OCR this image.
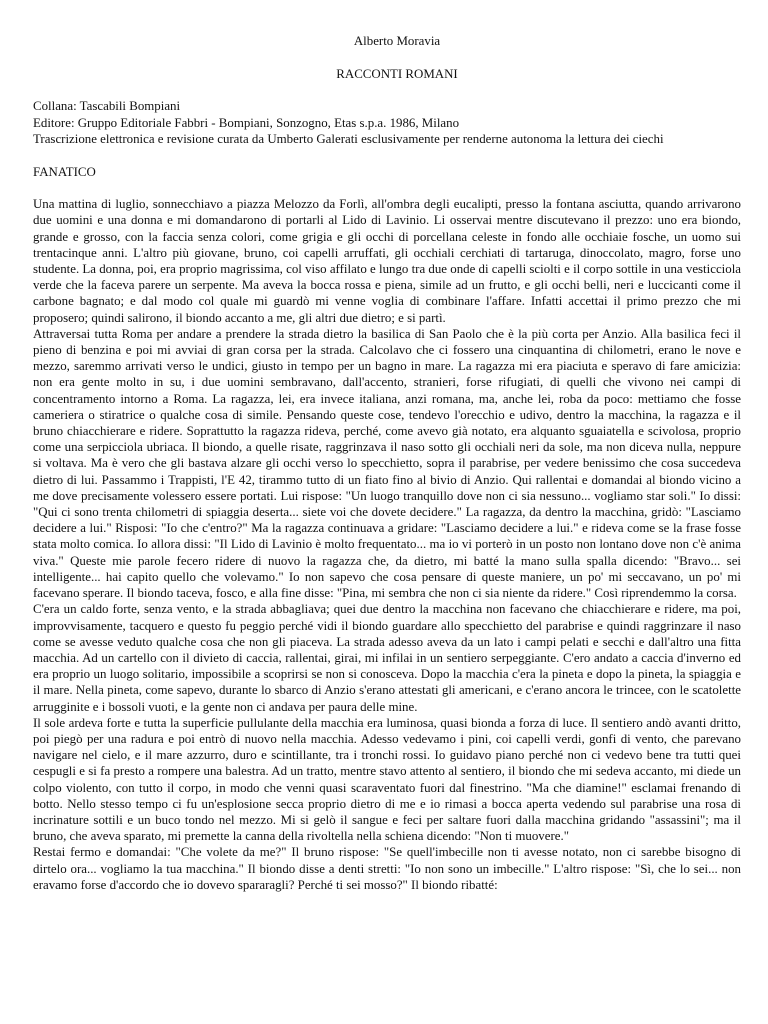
Alberto Moravia
RACCONTI ROMANI
Collana: Tascabili Bompiani
Editore: Gruppo Editoriale Fabbri - Bompiani, Sonzogno, Etas s.p.a. 1986, Milano
Trascrizione elettronica e revisione curata da Umberto Galerati esclusivamente per renderne autonoma la lettura dei ciechi
FANATICO

Una mattina di luglio, sonnecchiavo a piazza Melozzo da Forlì, all'ombra degli eucalipti, presso la fontana asciutta, quando arrivarono due uomini e una donna e mi domandarono di portarli al Lido di Lavinio. Li osservai mentre discutevano il prezzo: uno era biondo, grande e grosso, con la faccia senza colori, come grigia e gli occhi di porcellana celeste in fondo alle occhiaie fosche, un uomo sui trentacinque anni. L'altro più giovane, bruno, coi capelli arruffati, gli occhiali cerchiati di tartaruga, dinoccolato, magro, forse uno studente. La donna, poi, era proprio magrissima, col viso affilato e lungo tra due onde di capelli sciolti e il corpo sottile in una vesticciola verde che la faceva parere un serpente. Ma aveva la bocca rossa e piena, simile ad un frutto, e gli occhi belli, neri e luccicanti come il carbone bagnato; e dal modo col quale mi guardò mi venne voglia di combinare l'affare. Infatti accettai il primo prezzo che mi proposero; quindi salirono, il biondo accanto a me, gli altri due dietro; e si partì.

Attraversai tutta Roma per andare a prendere la strada dietro la basilica di San Paolo che è la più corta per Anzio. Alla basilica feci il pieno di benzina e poi mi avviai di gran corsa per la strada. Calcolavo che ci fossero una cinquantina di chilometri, erano le nove e mezzo, saremmo arrivati verso le undici, giusto in tempo per un bagno in mare. La ragazza mi era piaciuta e speravo di fare amicizia: non era gente molto in su, i due uomini sembravano, dall'accento, stranieri, forse rifugiati, di quelli che vivono nei campi di concentramento intorno a Roma. La ragazza, lei, era invece italiana, anzi romana, ma, anche lei, roba da poco: mettiamo che fosse cameriera o stiratrice o qualche cosa di simile. Pensando queste cose, tendevo l'orecchio e udivo, dentro la macchina, la ragazza e il bruno chiacchierare e ridere. Soprattutto la ragazza rideva, perché, come avevo già notato, era alquanto sguaiatella e scivolosa, proprio come una serpicciola ubriaca. Il biondo, a quelle risate, raggrinzava il naso sotto gli occhiali neri da sole, ma non diceva nulla, neppure si voltava. Ma è vero che gli bastava alzare gli occhi verso lo specchietto, sopra il parabrise, per vedere benissimo che cosa succedeva dietro di lui. Passammo i Trappisti, l'E 42, tirammo tutto di un fiato fino al bivio di Anzio. Qui rallentai e domandai al biondo vicino a me dove precisamente volessero essere portati. Lui rispose: "Un luogo tranquillo dove non ci sia nessuno... vogliamo star soli." Io dissi: "Qui ci sono trenta chilometri di spiaggia deserta... siete voi che dovete decidere." La ragazza, da dentro la macchina, gridò: "Lasciamo decidere a lui." Risposi: "Io che c'entro?" Ma la ragazza continuava a gridare: "Lasciamo decidere a lui." e rideva come se la frase fosse stata molto comica. Io allora dissi: "Il Lido di Lavinio è molto frequentato... ma io vi porterò in un posto non lontano dove non c'è anima viva." Queste mie parole fecero ridere di nuovo la ragazza che, da dietro, mi batté la mano sulla spalla dicendo: "Bravo... sei intelligente... hai capito quello che volevamo." Io non sapevo che cosa pensare di queste maniere, un po' mi seccavano, un po' mi facevano sperare. Il biondo taceva, fosco, e alla fine disse: "Pina, mi sembra che non ci sia niente da ridere." Così riprendemmo la corsa.

C'era un caldo forte, senza vento, e la strada abbagliava; quei due dentro la macchina non facevano che chiacchierare e ridere, ma poi, improvvisamente, tacquero e questo fu peggio perché vidi il biondo guardare allo specchietto del parabrise e quindi raggrinzare il naso come se avesse veduto qualche cosa che non gli piaceva. La strada adesso aveva da un lato i campi pelati e secchi e dall'altro una fitta macchia. Ad un cartello con il divieto di caccia, rallentai, girai, mi infilai in un sentiero serpeggiante. C'ero andato a caccia d'inverno ed era proprio un luogo solitario, impossibile a scoprirsi se non si conosceva. Dopo la macchia c'era la pineta e dopo la pineta, la spiaggia e il mare. Nella pineta, come sapevo, durante lo sbarco di Anzio s'erano attestati gli americani, e c'erano ancora le trincee, con le scatolette arrugginite e i bossoli vuoti, e la gente non ci andava per paura delle mine.

Il sole ardeva forte e tutta la superficie pullulante della macchia era luminosa, quasi bionda a forza di luce. Il sentiero andò avanti dritto, poi piegò per una radura e poi entrò di nuovo nella macchia. Adesso vedevamo i pini, coi capelli verdi, gonfi di vento, che parevano navigare nel cielo, e il mare azzurro, duro e scintillante, tra i tronchi rossi. Io guidavo piano perché non ci vedevo bene tra tutti quei cespugli e si fa presto a rompere una balestra. Ad un tratto, mentre stavo attento al sentiero, il biondo che mi sedeva accanto, mi diede un colpo violento, con tutto il corpo, in modo che venni quasi scaraventato fuori dal finestrino. "Ma che diamine!" esclamai frenando di botto. Nello stesso tempo ci fu un'esplosione secca proprio dietro di me e io rimasi a bocca aperta vedendo sul parabrise una rosa di incrinature sottili e un buco tondo nel mezzo. Mi si gelò il sangue e feci per saltare fuori dalla macchina gridando "assassini"; ma il bruno, che aveva sparato, mi premette la canna della rivoltella nella schiena dicendo: "Non ti muovere."

Restai fermo e domandai: "Che volete da me?" Il bruno rispose: "Se quell'imbecille non ti avesse notato, non ci sarebbe bisogno di dirtelo ora... vogliamo la tua macchina." Il biondo disse a denti stretti: "Io non sono un imbecille." L'altro rispose: "Sì, che lo sei... non eravamo forse d'accordo che io dovevo spararagli? Perché ti sei mosso?" Il biondo ribatté:
